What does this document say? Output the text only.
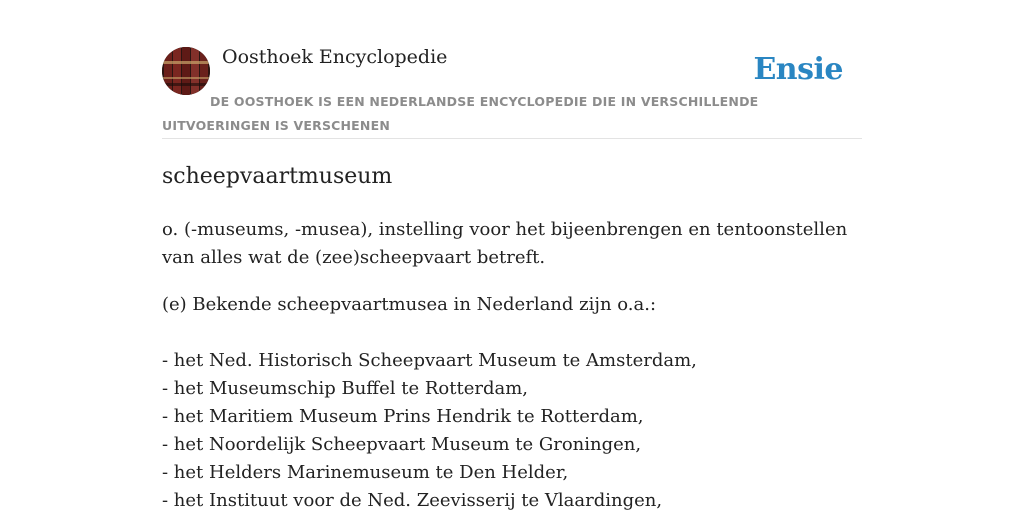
Oosthoek Encyclopedie	Ensie
DE OOSTHOEK IS EEN NEDERLANDSE ENCYCLOPEDIE DIE IN VERSCHILLENDE UITVOERINGEN IS VERSCHENEN
scheepvaartmuseum

o. (-museums, -musea), instelling voor het bijeenbrengen en tentoonstellen van alles wat de (zee)scheepvaart betreft.

(e) Bekende scheepvaartmusea in Nederland zijn o.a.:

- het Ned. Historisch Scheepvaart Museum te Amsterdam,
- het Museumschip Buffel te Rotterdam,
- het Maritiem Museum Prins Hendrik te Rotterdam,
- het Noordelijk Scheepvaart Museum te Groningen,
- het Helders Marinemuseum te Den Helder,
- het Instituut voor de Ned. Zeevisserij te Vlaardingen,
